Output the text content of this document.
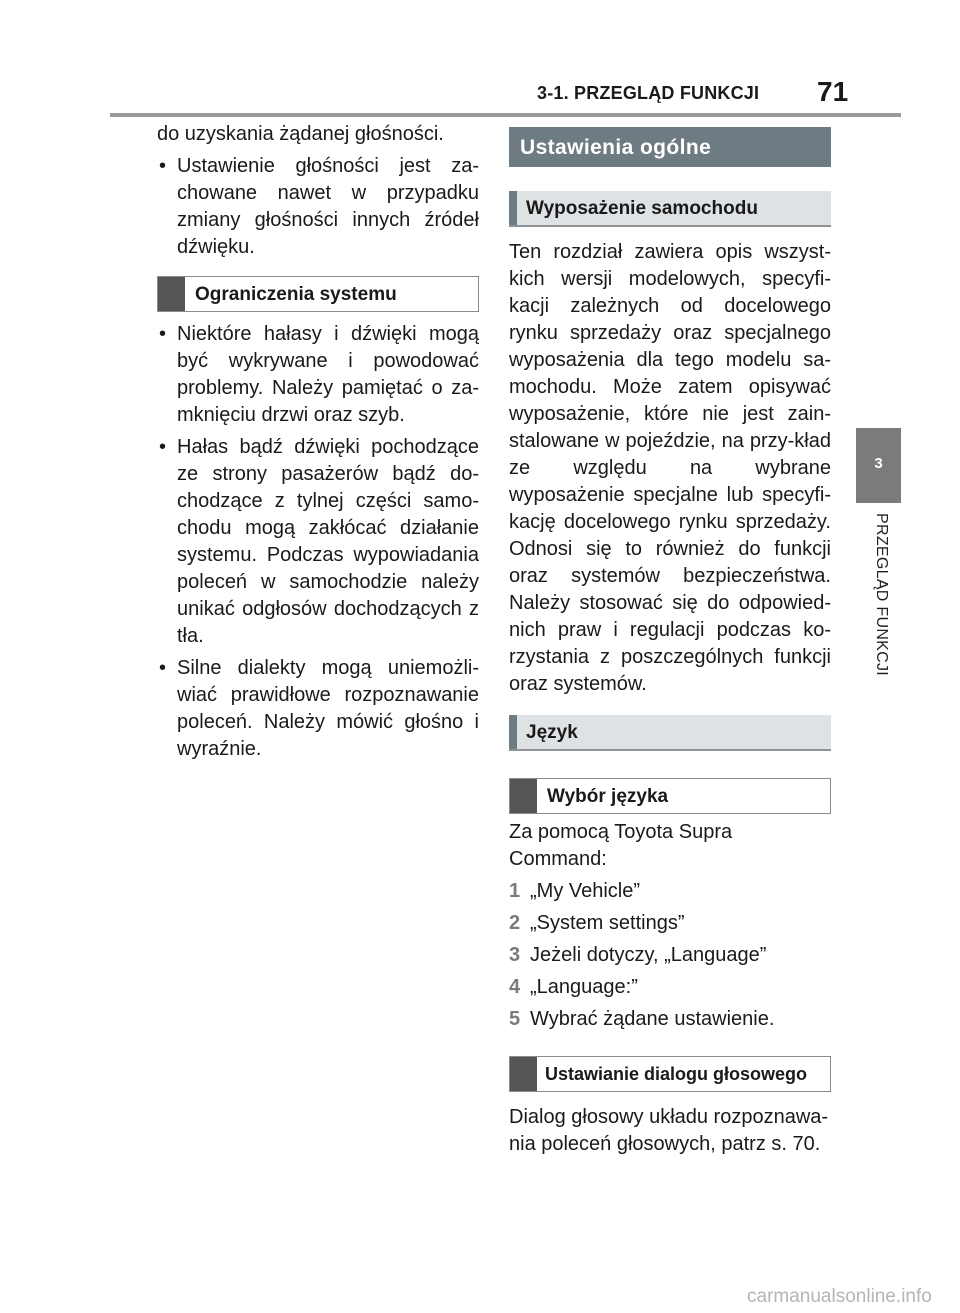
3-1. PRZEGLĄD FUNKCJI 71
3
PRZEGLĄD FUNKCJI

do uzyskania żądanej głośności.

• Ustawienie głośności jest za-chowane nawet w przypadku zmiany głośności innych źródeł dźwięku.
Ograniczenia systemu
• Niektóre hałasy i dźwięki mogą być wykrywane i powodować problemy. Należy pamiętać o za-mknięciu drzwi oraz szyb.
• Hałas bądź dźwięki pochodzące ze strony pasażerów bądź do-chodzące z tylnej części samo-chodu mogą zakłócać działanie systemu. Podczas wypowiadania poleceń w samochodzie należy unikać odgłosów dochodzących z tła.
• Silne dialekty mogą uniemożli-wiać prawidłowe rozpoznawanie poleceń. Należy mówić głośno i wyraźnie.
Ustawienia ogólne
Wyposażenie samochodu

Ten rozdział zawiera opis wszyst-kich wersji modelowych, specyfi-kacji zależnych od docelowego rynku sprzedaży oraz specjalnego wyposażenia dla tego modelu sa-mochodu. Może zatem opisywać wyposażenie, które nie jest zain-stalowane w pojeździe, na przy-kład ze względu na wybrane wyposażenie specjalne lub specyfi-kację docelowego rynku sprzedaży. Odnosi się to również do funkcji oraz systemów bezpieczeństwa. Należy stosować się do odpowied-nich praw i regulacji podczas ko-rzystania z poszczególnych funkcji oraz systemów.

Język
Wybór języka

Za pomocą Toyota Supra Command:

1 „My Vehicle”
2 „System settings”
3 Jeżeli dotyczy, „Language”
4 „Language:”
5 Wybrać żądane ustawienie.
Ustawianie dialogu głosowego

Dialog głosowy układu rozpoznawa-nia poleceń głosowych, patrz s. 70.

carmanualsonline.info
